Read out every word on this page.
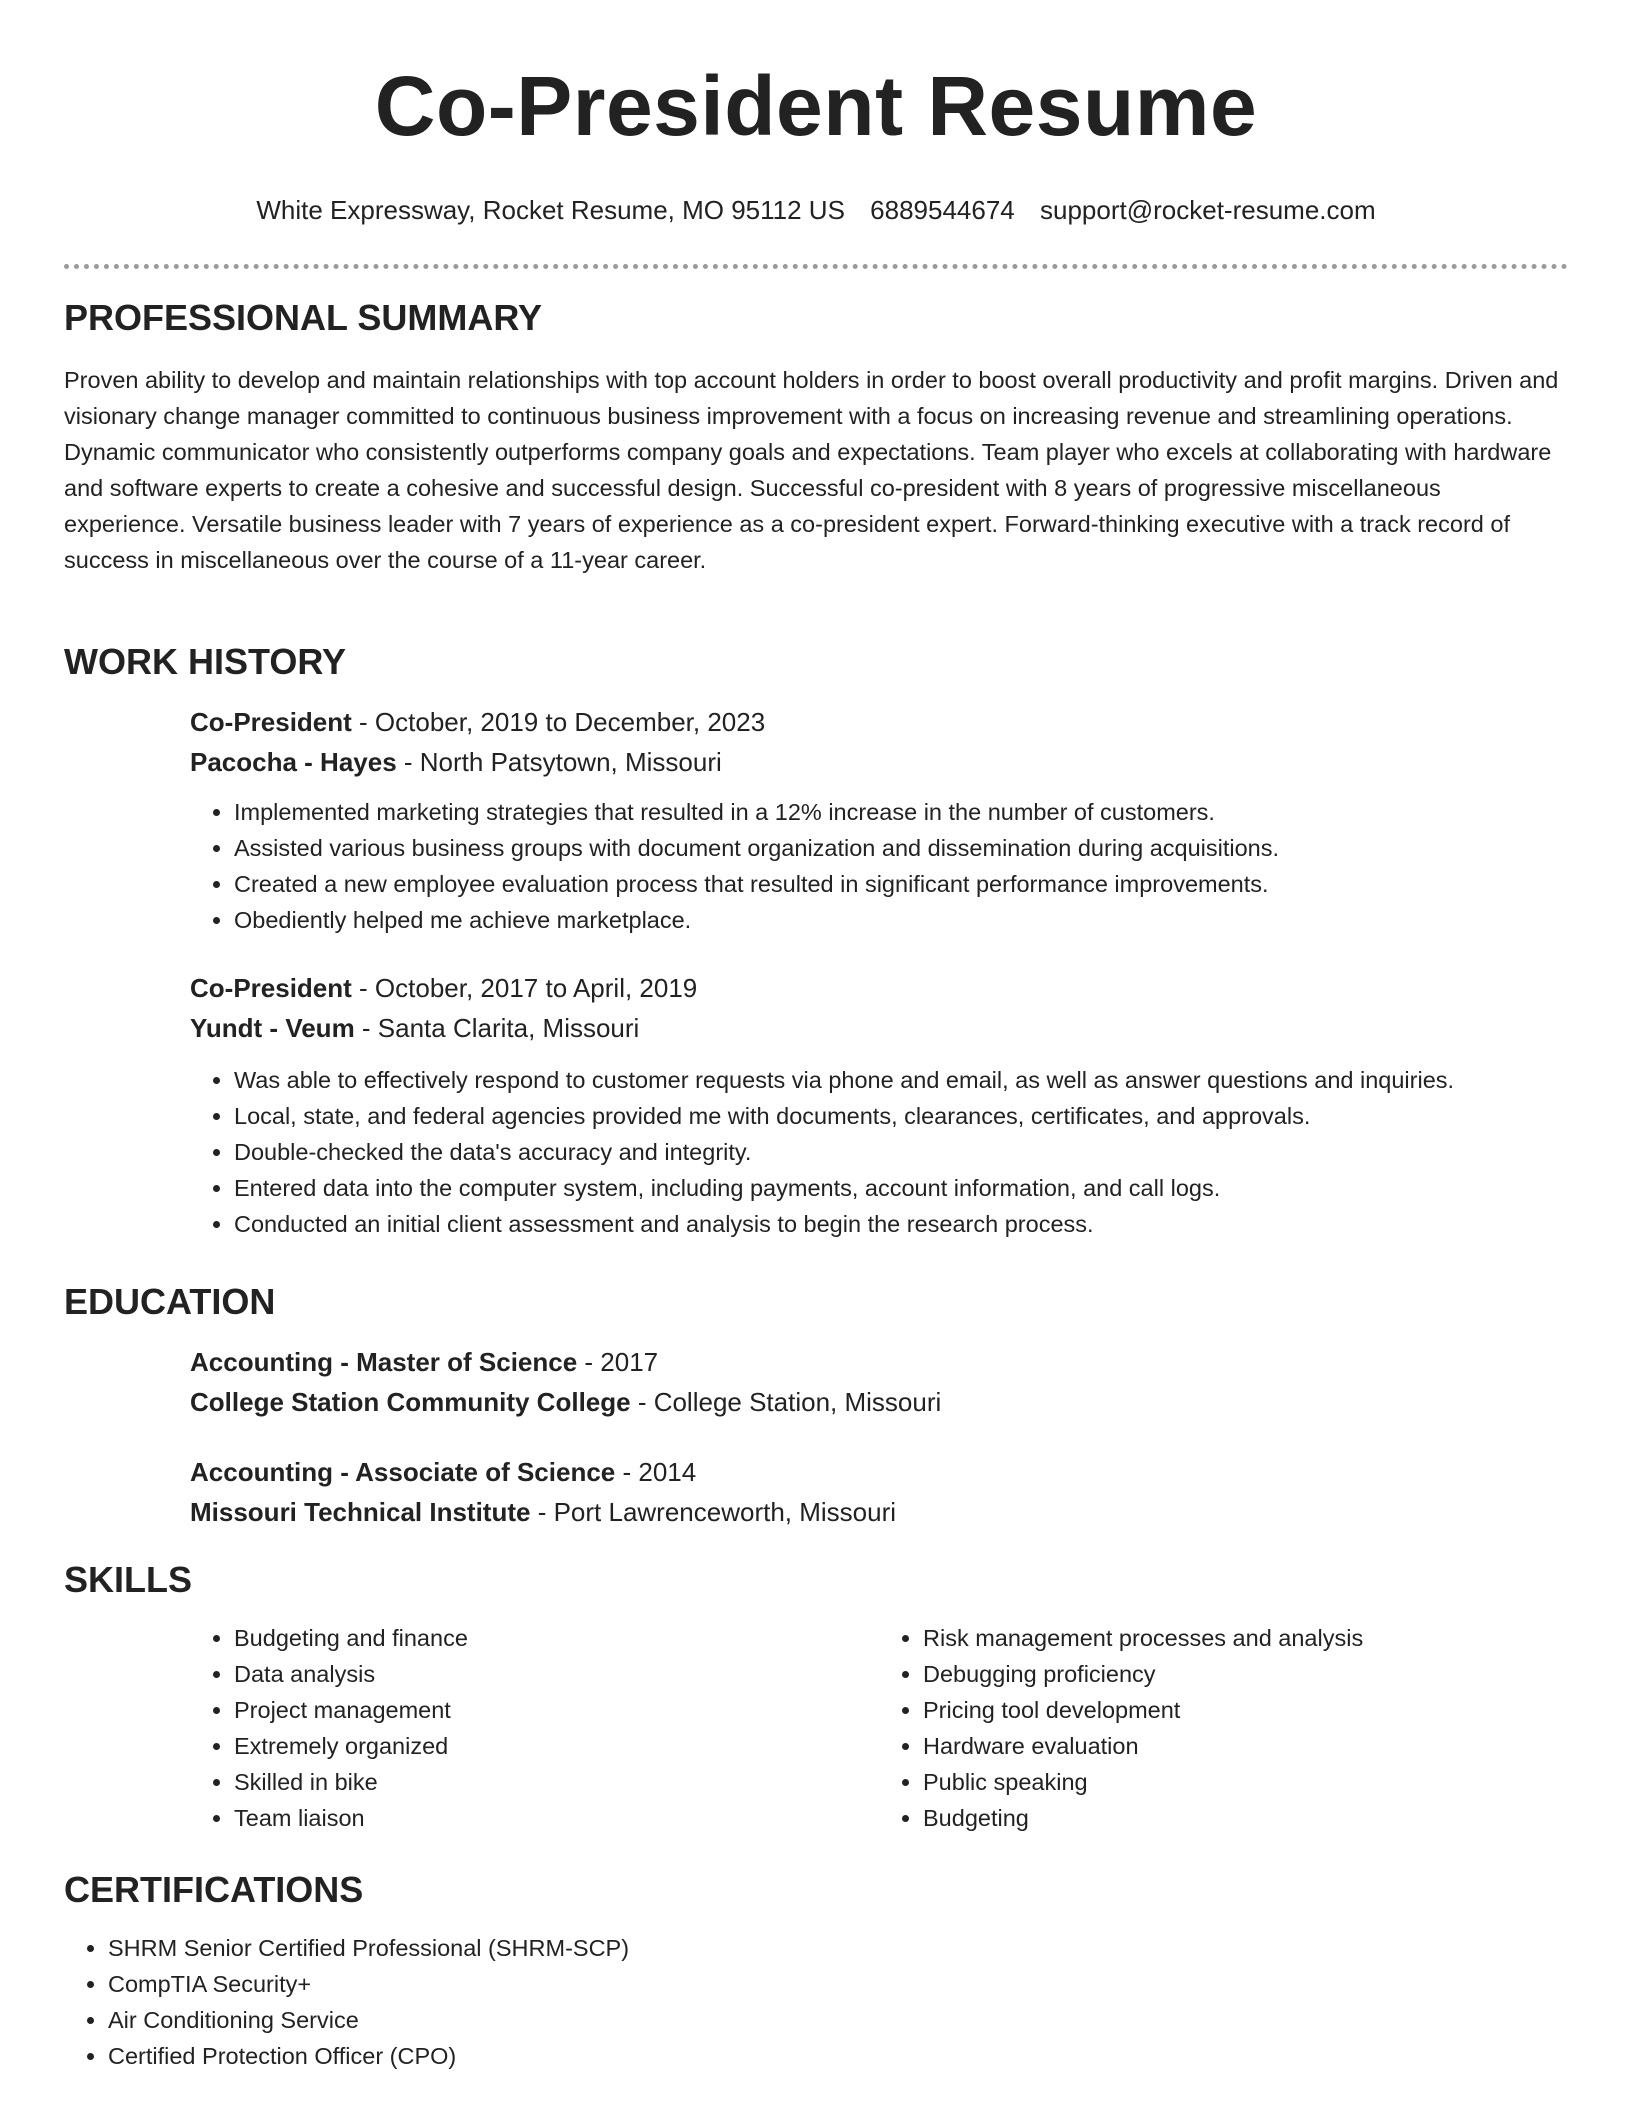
Co-President Resume
White Expressway, Rocket Resume, MO 95112 US 6889544674 support@rocket-resume.com
PROFESSIONAL SUMMARY

Proven ability to develop and maintain relationships with top account holders in order to boost overall productivity and profit margins. Driven and visionary change manager committed to continuous business improvement with a focus on increasing revenue and streamlining operations. Dynamic communicator who consistently outperforms company goals and expectations. Team player who excels at collaborating with hardware and software experts to create a cohesive and successful design. Successful co-president with 8 years of progressive miscellaneous experience. Versatile business leader with 7 years of experience as a co-president expert. Forward-thinking executive with a track record of success in miscellaneous over the course of a 11-year career.

WORK HISTORY
Co-President - October, 2019 to December, 2023
Pacocha - Hayes - North Patsytown, Missouri
• Implemented marketing strategies that resulted in a 12% increase in the number of customers.
• Assisted various business groups with document organization and dissemination during acquisitions.
• Created a new employee evaluation process that resulted in significant performance improvements.
• Obediently helped me achieve marketplace.
Co-President - October, 2017 to April, 2019
Yundt - Veum - Santa Clarita, Missouri
• Was able to effectively respond to customer requests via phone and email, as well as answer questions and inquiries.
• Local, state, and federal agencies provided me with documents, clearances, certificates, and approvals.
• Double-checked the data's accuracy and integrity.
• Entered data into the computer system, including payments, account information, and call logs.
• Conducted an initial client assessment and analysis to begin the research process.
EDUCATION
Accounting - Master of Science - 2017
College Station Community College - College Station, Missouri
Accounting - Associate of Science - 2014
Missouri Technical Institute - Port Lawrenceworth, Missouri
SKILLS
• Budgeting and finance
• Data analysis
• Project management
• Extremely organized
• Skilled in bike
• Team liaison
• Risk management processes and analysis
• Debugging proficiency
• Pricing tool development
• Hardware evaluation
• Public speaking
• Budgeting
CERTIFICATIONS
• SHRM Senior Certified Professional (SHRM-SCP)
• CompTIA Security+
• Air Conditioning Service
• Certified Protection Officer (CPO)
